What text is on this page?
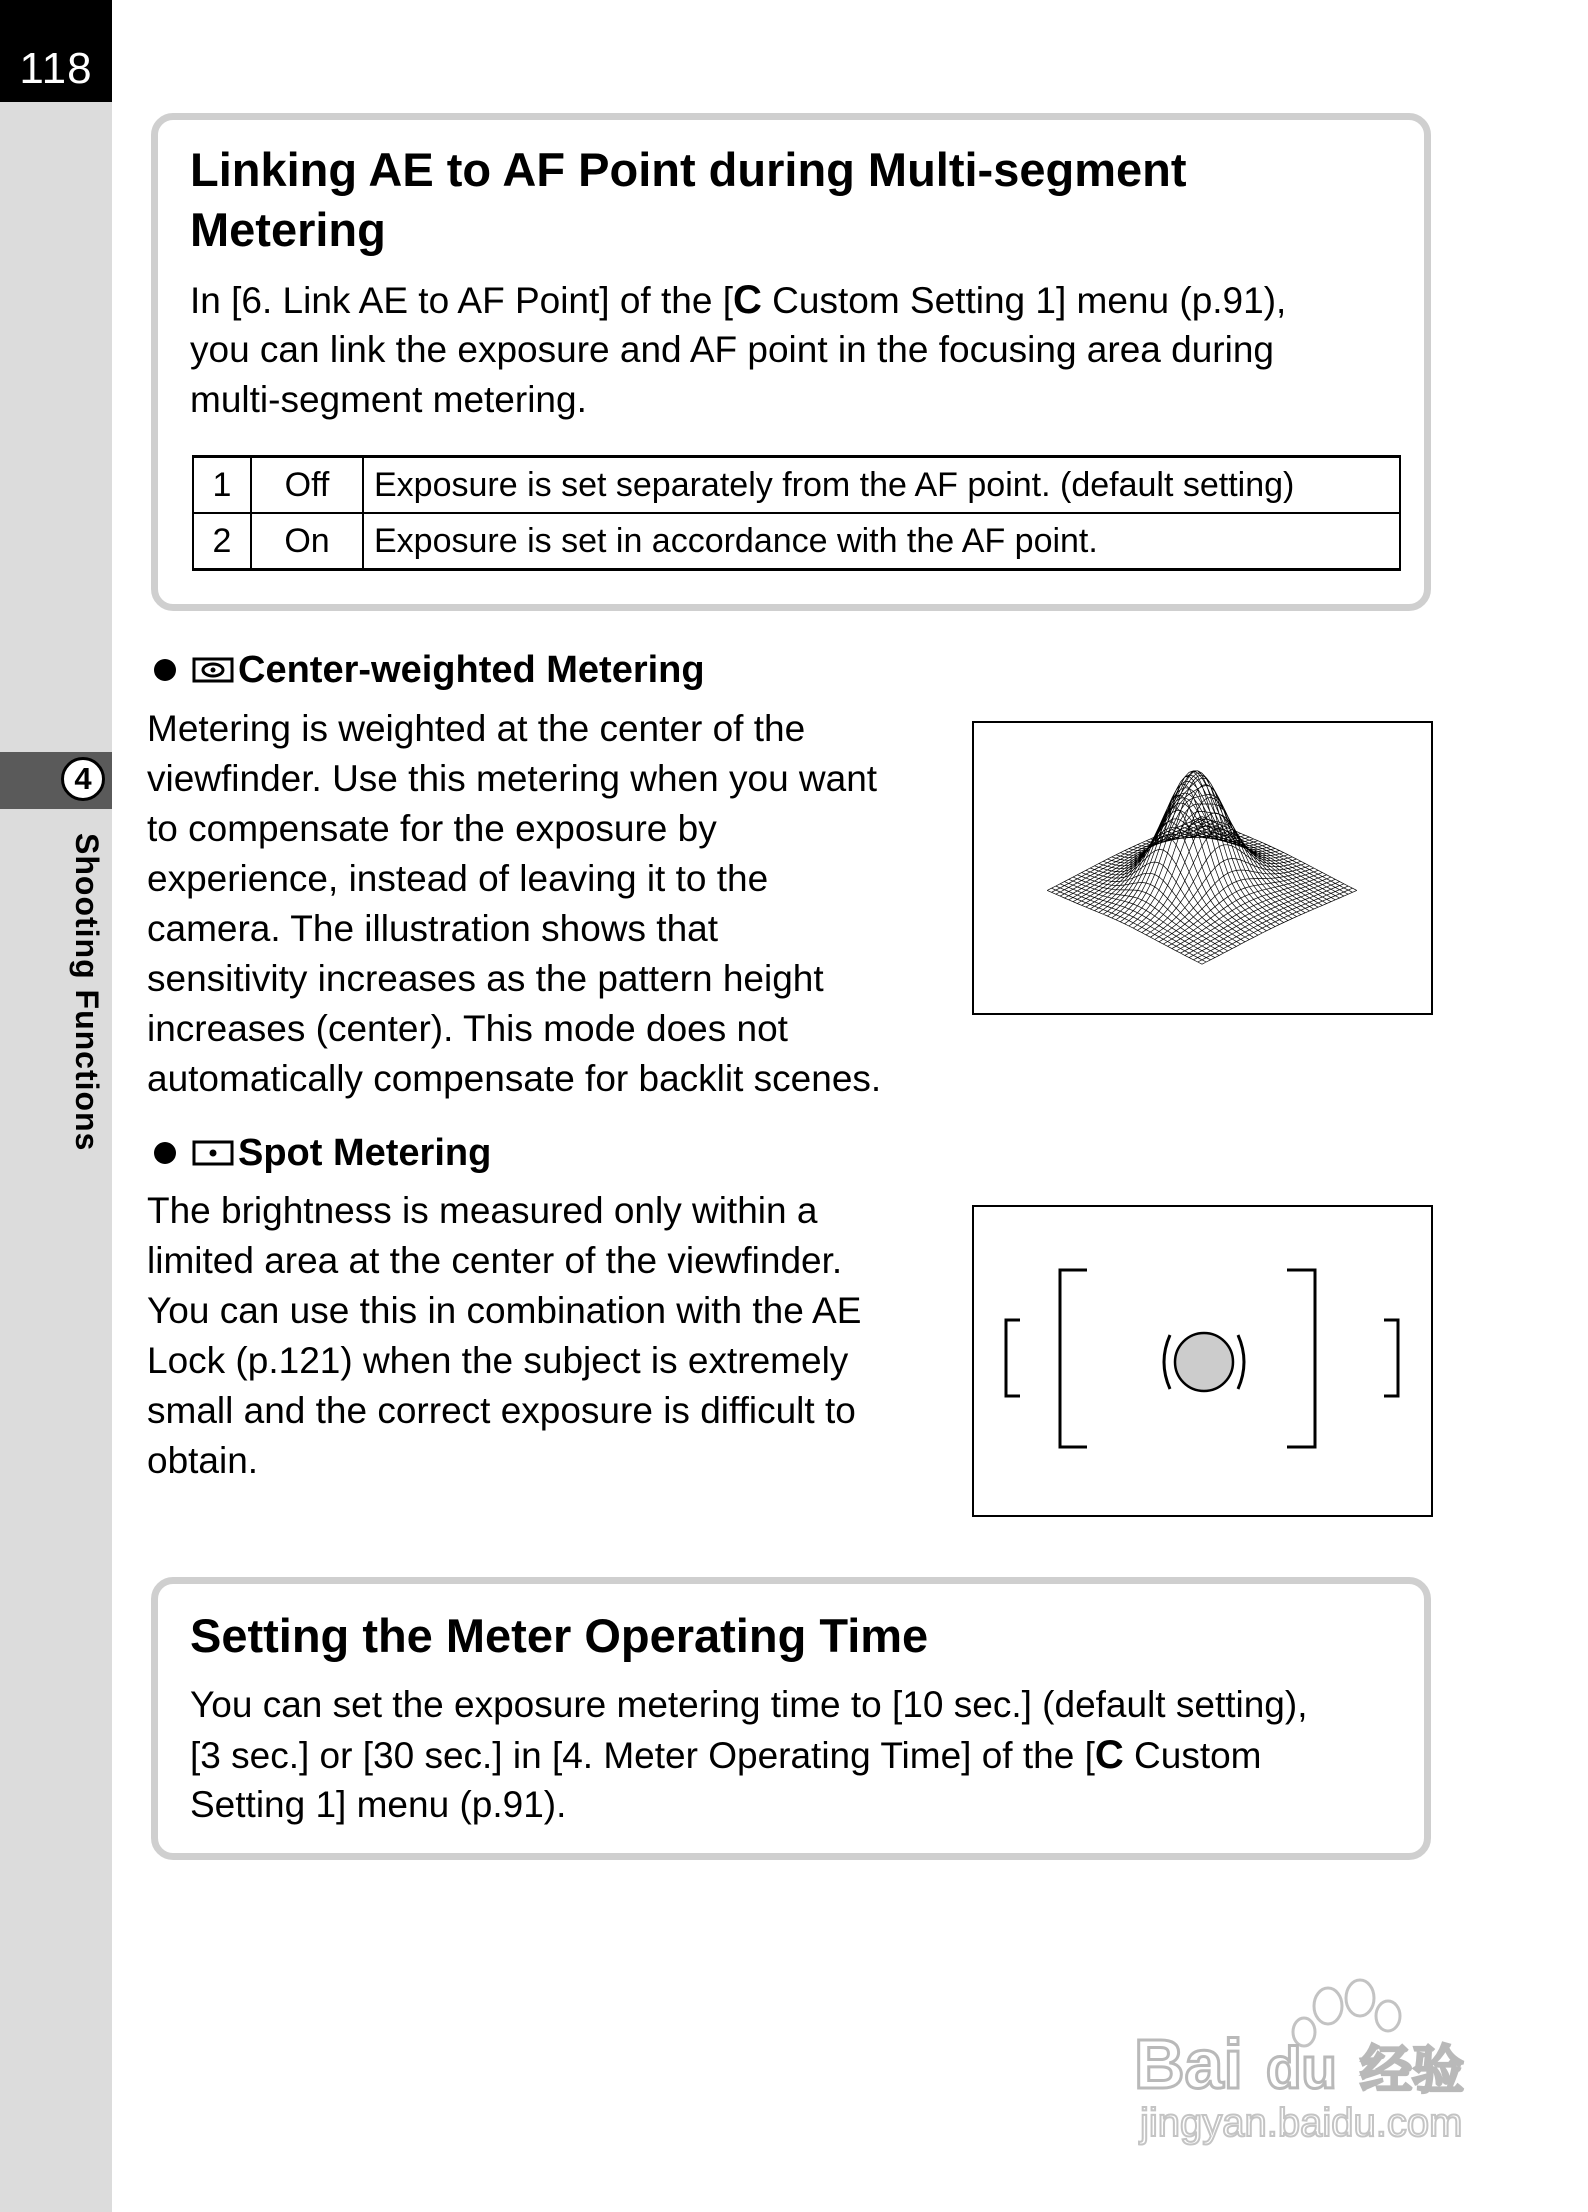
118
4
Shooting Functions
Linking AE to AF Point during Multi-segment
Metering

In [6. Link AE to AF Point] of the [C Custom Setting 1] menu (p.91),

you can link the exposure and AF point in the focusing area during

multi-segment metering.

1	Off	Exposure is set separately from the AF point. (default setting)
2	On	Exposure is set in accordance with the AF point.
Center-weighted Metering

Metering is weighted at the center of the

viewfinder. Use this metering when you want

to compensate for the exposure by

experience, instead of leaving it to the

camera. The illustration shows that

sensitivity increases as the pattern height

increases (center). This mode does not

automatically compensate for backlit scenes.

Spot Metering

The brightness is measured only within a

limited area at the center of the viewfinder.

You can use this in combination with the AE

Lock (p.121) when the subject is extremely

small and the correct exposure is difficult to

obtain.

Setting the Meter Operating Time

You can set the exposure metering time to [10 sec.] (default setting),

[3 sec.] or [30 sec.] in [4. Meter Operating Time] of the [C Custom

Setting 1] menu (p.91).

Bai du 经验
jingyan.baidu.com
